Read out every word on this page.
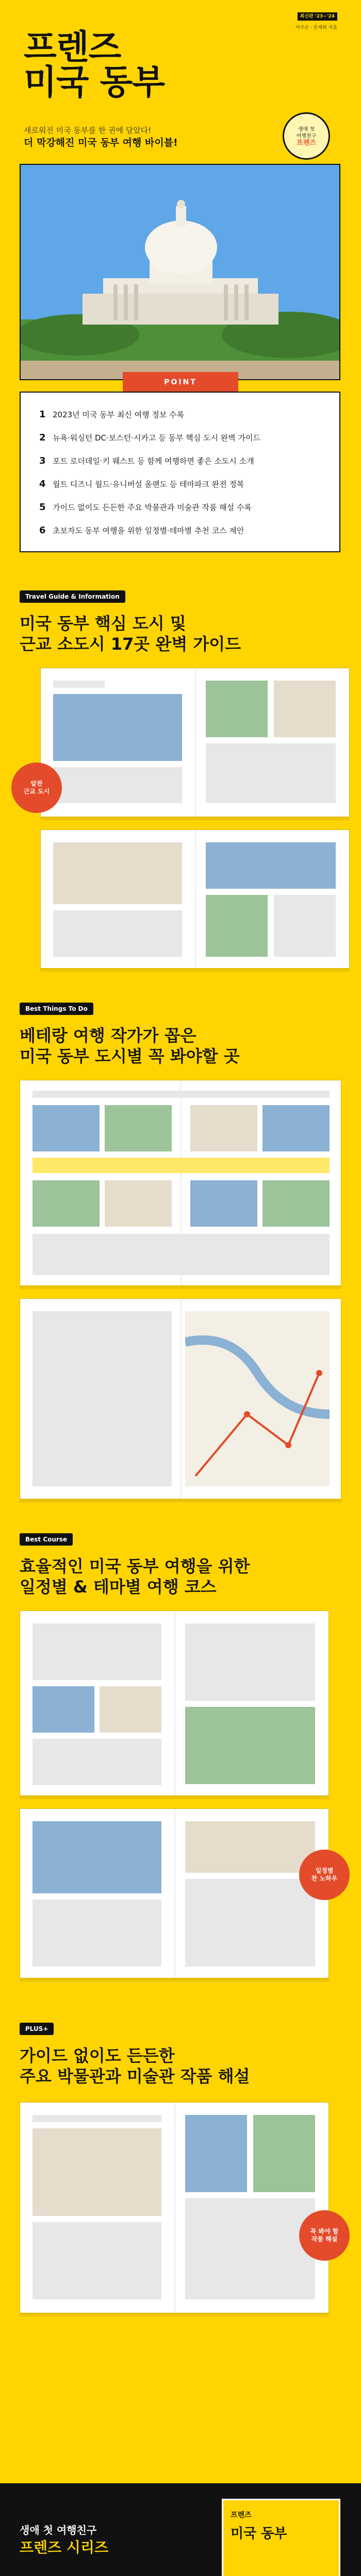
최신판 '23~'24
이주은 · 문세희 지음
프렌즈
미국 동부
새로워진 미국 동부를 한 권에 담았다!
더 막강해진 미국 동부 여행 바이블!
생애 첫
여행친구
프렌즈
POINT
1 2023년 미국 동부 최신 여행 정보 수록
2 뉴욕·워싱턴 DC·보스턴·시카고 등 동부 핵심 도시 완벽 가이드
3 포트 로더데일·키 웨스트 등 함께 여행하면 좋은 소도시 소개
4 월트 디즈니 월드·유니버설 올랜도 등 테마파크 완전 정복
5 가이드 없이도 든든한 주요 박물관과 미술관 작품 해설 수록
6 초보자도 동부 여행을 위한 일정별·테마별 추천 코스 제안
Travel Guide & Information
미국 동부 핵심 도시 및
근교 소도시 17곳 완벽 가이드
알찬
근교 도시
Best Things To Do
베테랑 여행 작가가 꼽은
미국 동부 도시별 꼭 봐야할 곳
Best Course
효율적인 미국 동부 여행을 위한
일정별 & 테마별 여행 코스
일정별
찬 노하우
PLUS+
가이드 없이도 든든한
주요 박물관과 미술관 작품 해설
꼭 봐야 할
작품 해설
생애 첫 여행친구
프렌즈 시리즈
프렌즈
미국 동부
